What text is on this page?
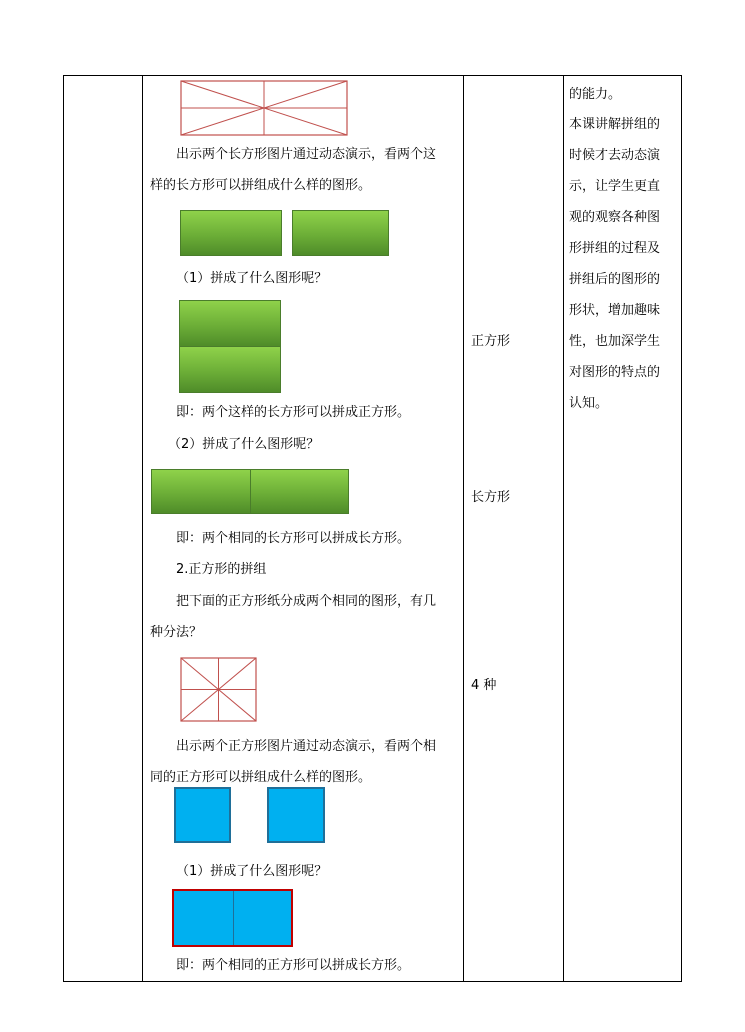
出示两个长方形图片通过动态演示，看两个这
样的长方形可以拼组成什么样的图形。
（1）拼成了什么图形呢？
即：两个这样的长方形可以拼成正方形。
（2）拼成了什么图形呢？
即：两个相同的长方形可以拼成长方形。
2.正方形的拼组
把下面的正方形纸分成两个相同的图形，有几
种分法？
出示两个正方形图片通过动态演示，看两个相
同的正方形可以拼组成什么样的图形。
（1）拼成了什么图形呢？
即：两个相同的正方形可以拼成长方形。
正方形
长方形
4 种
的能力。
本课讲解拼组的
时候才去动态演
示，让学生更直
观的观察各种图
形拼组的过程及
拼组后的图形的
形状，增加趣味
性，也加深学生
对图形的特点的
认知。
